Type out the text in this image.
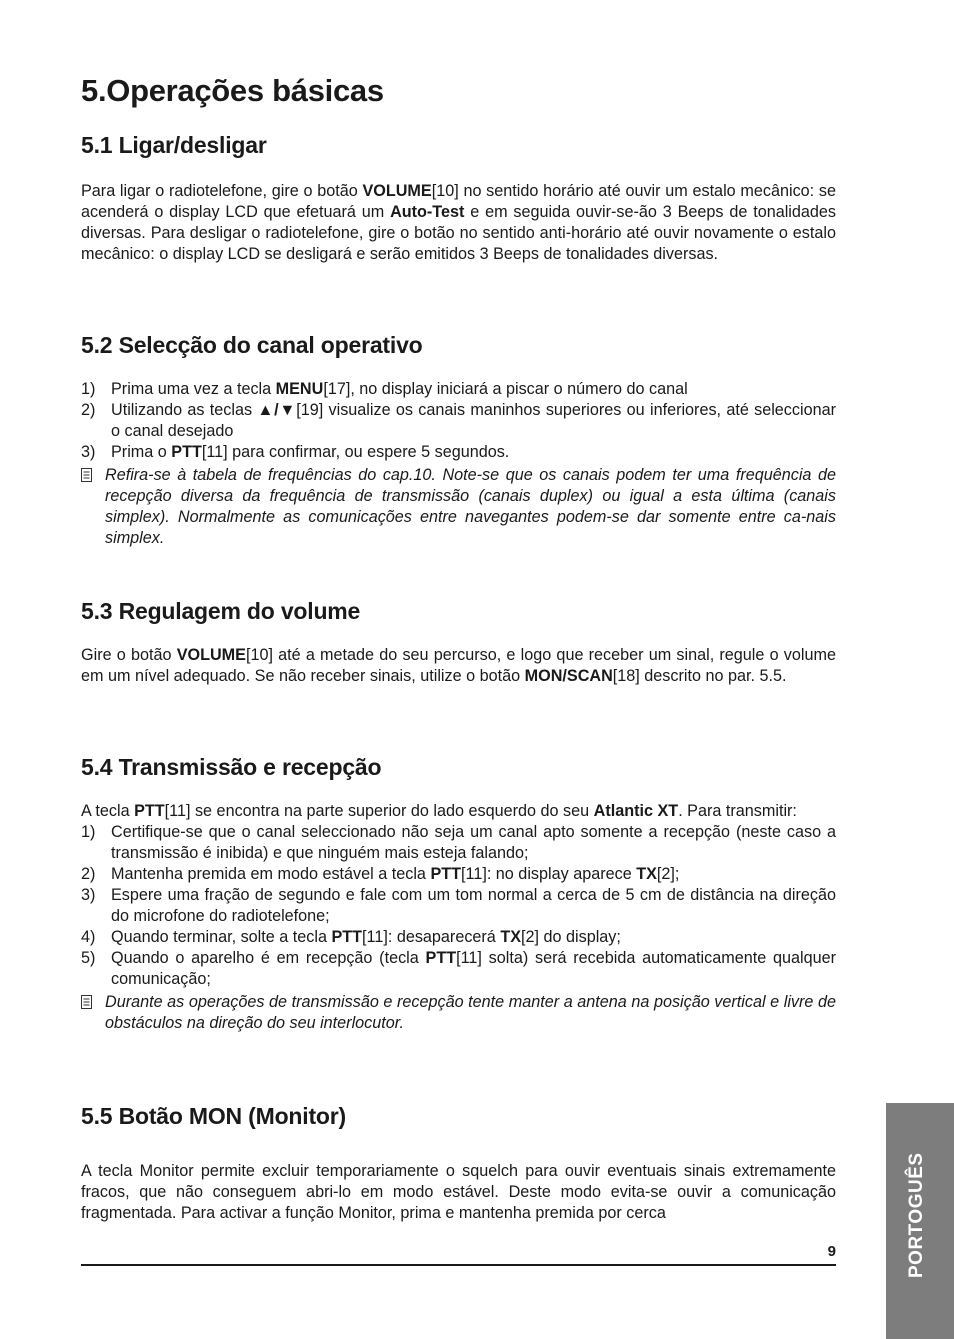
5.Operações básicas
5.1 Ligar/desligar

Para ligar o radiotelefone, gire o botão VOLUME[10] no sentido horário até ouvir um estalo mecânico: se acenderá o display LCD que efetuará um Auto-Test e em seguida ouvir-se-ão 3 Beeps de tonalidades diversas. Para desligar o radiotelefone, gire o botão no sentido anti-horário até ouvir novamente o estalo mecânico: o display LCD se desligará e serão emitidos 3 Beeps de tonalidades diversas.

5.2 Selecção do canal operativo
1) Prima uma vez a tecla MENU[17], no display iniciará a piscar o número do canal
2) Utilizando as teclas ▲/▼[19] visualize os canais maninhos superiores ou inferiores, até seleccionar o canal desejado
3) Prima o PTT[11] para confirmar, ou espere 5 segundos.
Refira-se à tabela de frequências do cap.10. Note-se que os canais podem ter uma frequência de recepção diversa da frequência de transmissão (canais duplex) ou igual a esta última (canais simplex). Normalmente as comunicações entre navegantes podem-se dar somente entre ca-nais simplex.
5.3 Regulagem do volume

Gire o botão VOLUME[10] até a metade do seu percurso, e logo que receber um sinal, regule o volume em um nível adequado. Se não receber sinais, utilize o botão MON/SCAN[18] descrito no par. 5.5.

5.4 Transmissão e recepção

A tecla PTT[11] se encontra na parte superior do lado esquerdo do seu Atlantic XT. Para transmitir:

1) Certifique-se que o canal seleccionado não seja um canal apto somente a recepção (neste caso a transmissão é inibida) e que ninguém mais esteja falando;
2) Mantenha premida em modo estável a tecla PTT[11]: no display aparece TX[2];
3) Espere uma fração de segundo e fale com um tom normal a cerca de 5 cm de distância na direção do microfone do radiotelefone;
4) Quando terminar, solte a tecla PTT[11]: desaparecerá TX[2] do display;
5) Quando o aparelho é em recepção (tecla PTT[11] solta) será recebida automaticamente qualquer comunicação;
Durante as operações de transmissão e recepção tente manter a antena na posição vertical e livre de obstáculos na direção do seu interlocutor.
5.5 Botão MON (Monitor)

A tecla Monitor permite excluir temporariamente o squelch para ouvir eventuais sinais extremamente fracos, que não conseguem abri-lo em modo estável. Deste modo evita-se ouvir a comunicação fragmentada. Para activar a função Monitor, prima e mantenha premida por cerca

9	PORTOGUÊS
